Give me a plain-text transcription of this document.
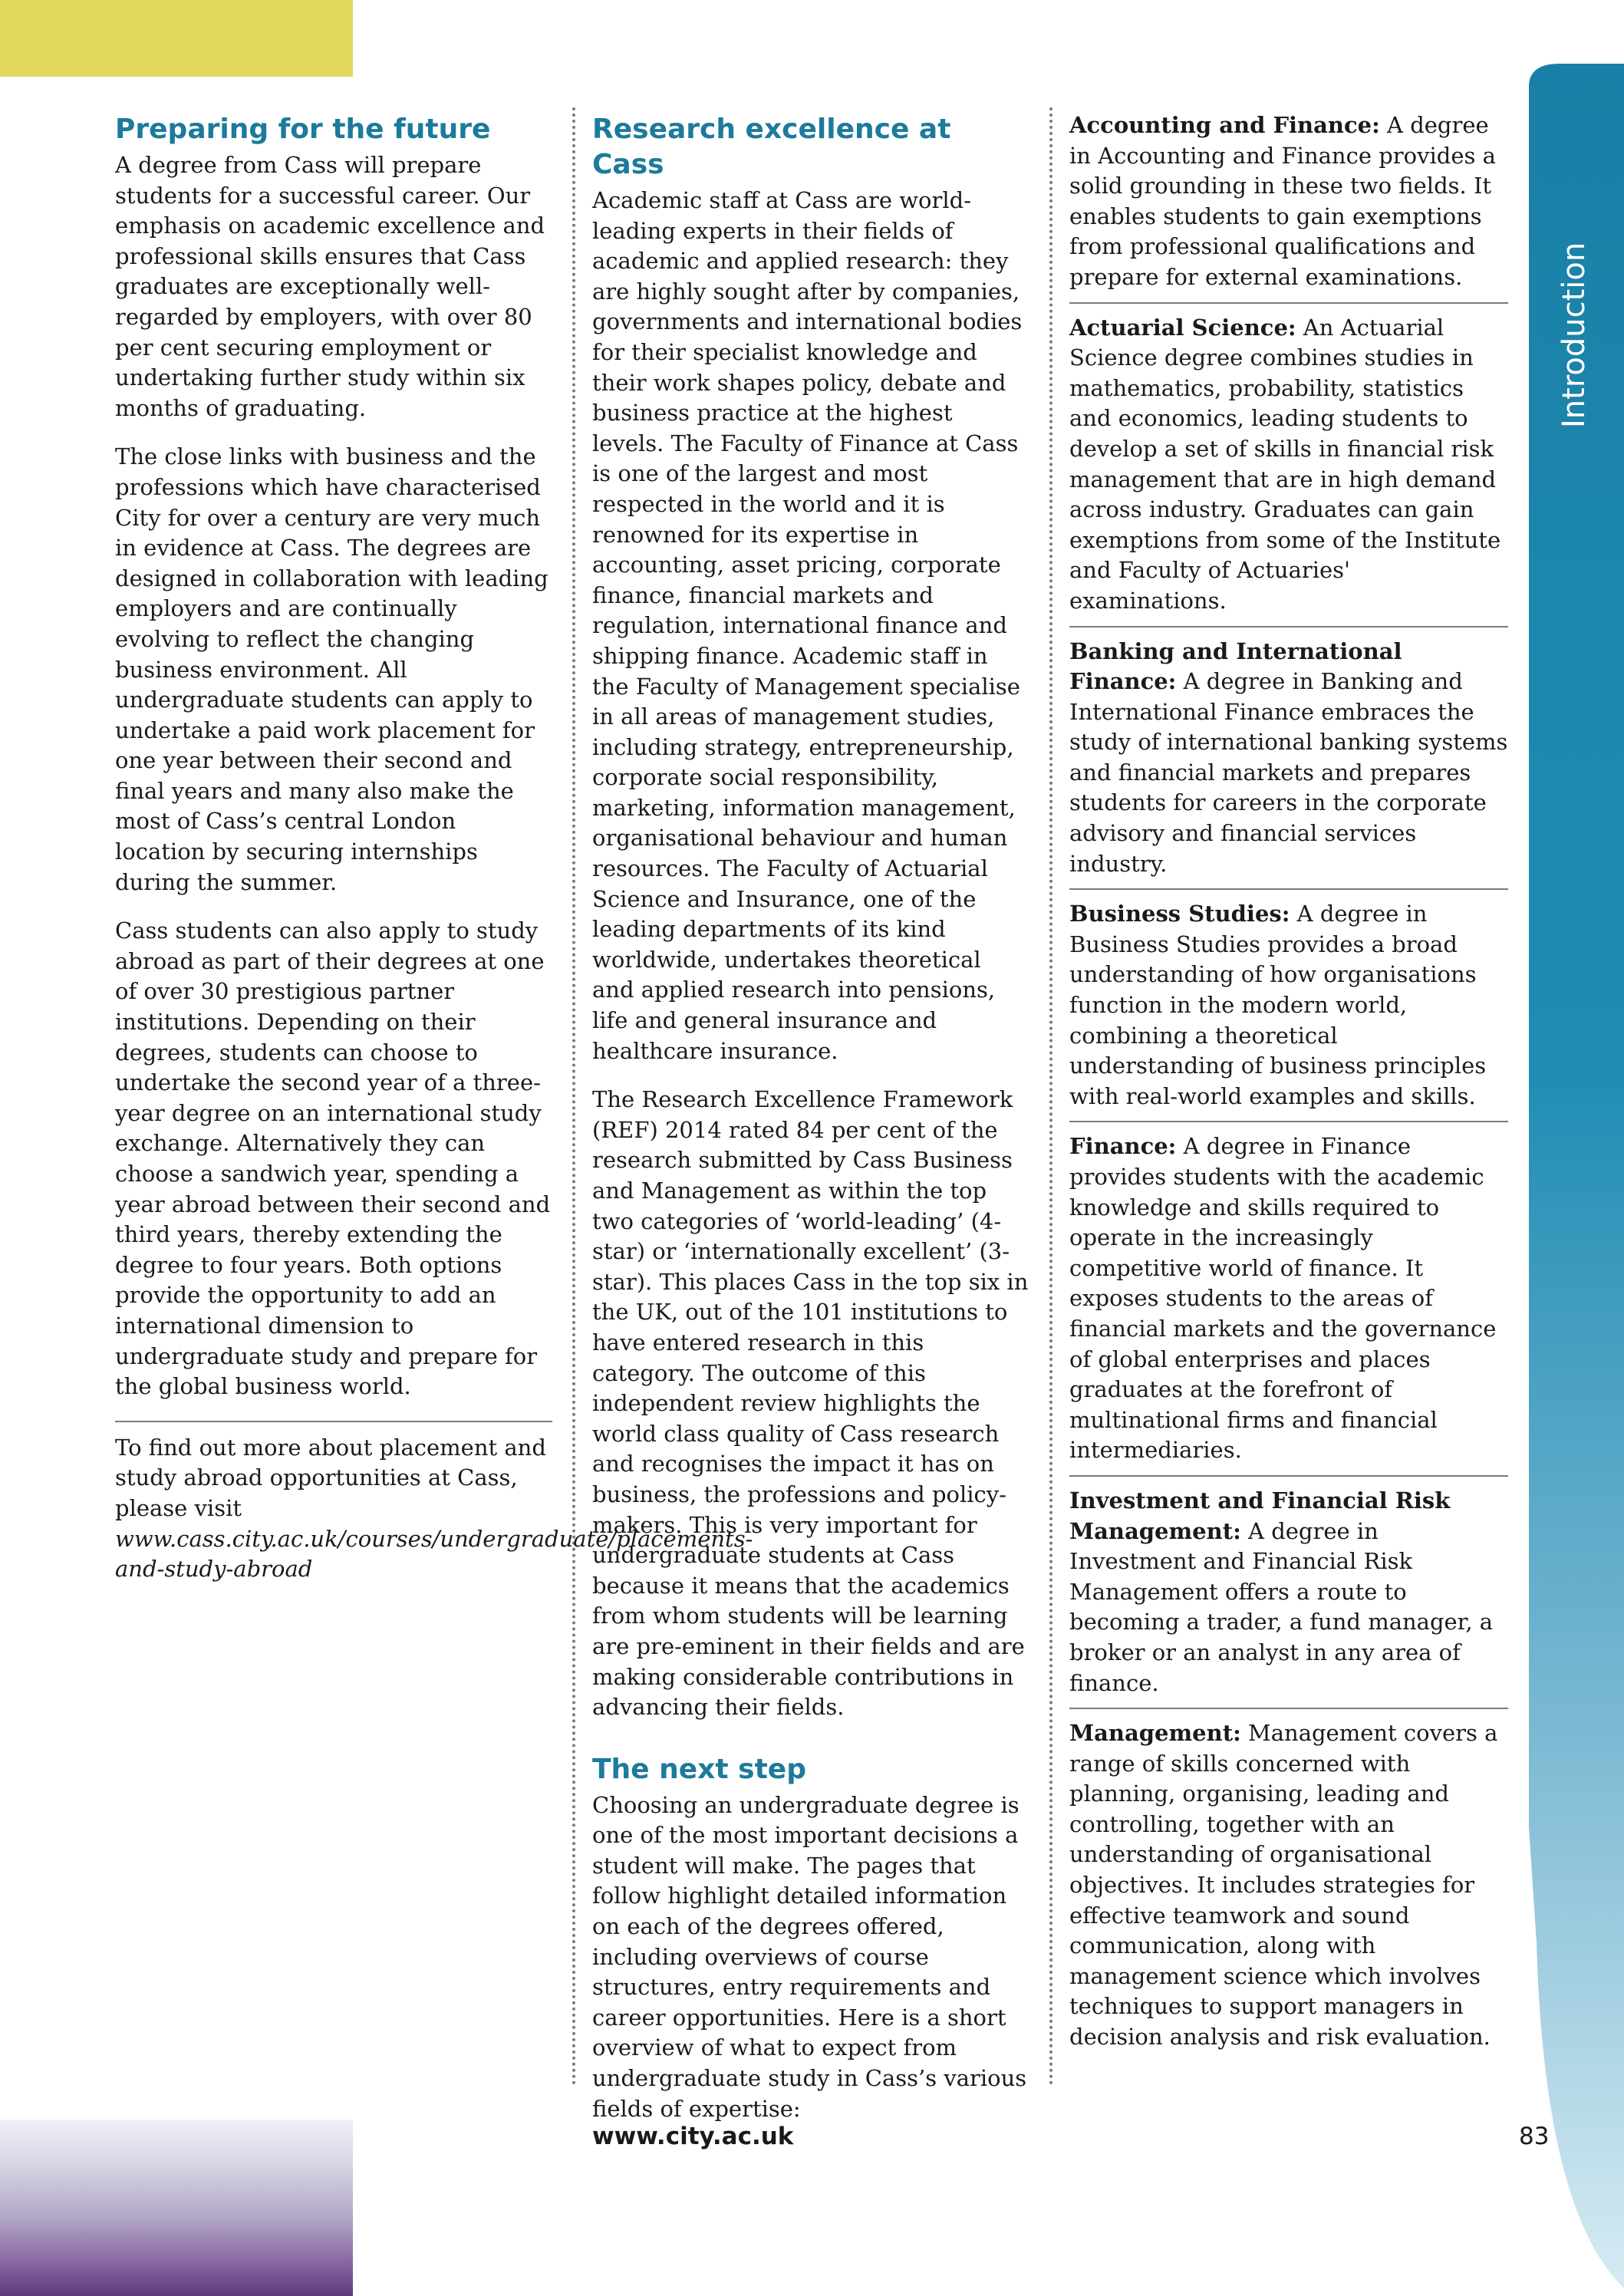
Introduction
Preparing for the future

A degree from Cass will prepare students for a successful career. Our emphasis on academic excellence and professional skills ensures that Cass graduates are exceptionally well-regarded by employers, with over 80 per cent securing employment or undertaking further study within six months of graduating.

The close links with business and the professions which have characterised City for over a century are very much in evidence at Cass. The degrees are designed in collaboration with leading employers and are continually evolving to reflect the changing business environment. All undergraduate students can apply to undertake a paid work placement for one year between their second and final years and many also make the most of Cass’s central London location by securing internships during the summer.

Cass students can also apply to study abroad as part of their degrees at one of over 30 prestigious partner institutions. Depending on their degrees, students can choose to undertake the second year of a three-year degree on an international study exchange. Alternatively they can choose a sandwich year, spending a year abroad between their second and third years, thereby extending the degree to four years. Both options provide the opportunity to add an international dimension to undergraduate study and prepare for the global business world.

To find out more about placement and study abroad opportunities at Cass, please visit www.cass.city.ac.uk/courses/undergraduate/placements-and-study-abroad

Research excellence at Cass

Academic staff at Cass are world-leading experts in their fields of academic and applied research: they are highly sought after by companies, governments and international bodies for their specialist knowledge and their work shapes policy, debate and business practice at the highest levels. The Faculty of Finance at Cass is one of the largest and most respected in the world and it is renowned for its expertise in accounting, asset pricing, corporate finance, financial markets and regulation, international finance and shipping finance. Academic staff in the Faculty of Management specialise in all areas of management studies, including strategy, entrepreneurship, corporate social responsibility, marketing, information management, organisational behaviour and human resources. The Faculty of Actuarial Science and Insurance, one of the leading departments of its kind worldwide, undertakes theoretical and applied research into pensions, life and general insurance and healthcare insurance.

The Research Excellence Framework (REF) 2014 rated 84 per cent of the research submitted by Cass Business and Management as within the top two categories of ‘world-leading’ (4-star) or ‘internationally excellent’ (3-star). This places Cass in the top six in the UK, out of the 101 institutions to have entered research in this category. The outcome of this independent review highlights the world class quality of Cass research and recognises the impact it has on business, the professions and policy-makers. This is very important for undergraduate students at Cass because it means that the academics from whom students will be learning are pre-eminent in their fields and are making considerable contributions in advancing their fields.

The next step

Choosing an undergraduate degree is one of the most important decisions a student will make. The pages that follow highlight detailed information on each of the degrees offered, including overviews of course structures, entry requirements and career opportunities. Here is a short overview of what to expect from undergraduate study in Cass’s various fields of expertise:

Accounting and Finance: A degree in Accounting and Finance provides a solid grounding in these two fields. It enables students to gain exemptions from professional qualifications and prepare for external examinations.
Actuarial Science: An Actuarial Science degree combines studies in mathematics, probability, statistics and economics, leading students to develop a set of skills in financial risk management that are in high demand across industry. Graduates can gain exemptions from some of the Institute and Faculty of Actuaries' examinations.
Banking and International Finance: A degree in Banking and International Finance embraces the study of international banking systems and financial markets and prepares students for careers in the corporate advisory and financial services industry.
Business Studies: A degree in Business Studies provides a broad understanding of how organisations function in the modern world, combining a theoretical understanding of business principles with real-world examples and skills.
Finance: A degree in Finance provides students with the academic knowledge and skills required to operate in the increasingly competitive world of finance. It exposes students to the areas of financial markets and the governance of global enterprises and places graduates at the forefront of multinational firms and financial intermediaries.
Investment and Financial Risk Management: A degree in Investment and Financial Risk Management offers a route to becoming a trader, a fund manager, a broker or an analyst in any area of finance.
Management: Management covers a range of skills concerned with planning, organising, leading and controlling, together with an understanding of organisational objectives. It includes strategies for effective teamwork and sound communication, along with management science which involves techniques to support managers in decision analysis and risk evaluation.
www.city.ac.uk	83
